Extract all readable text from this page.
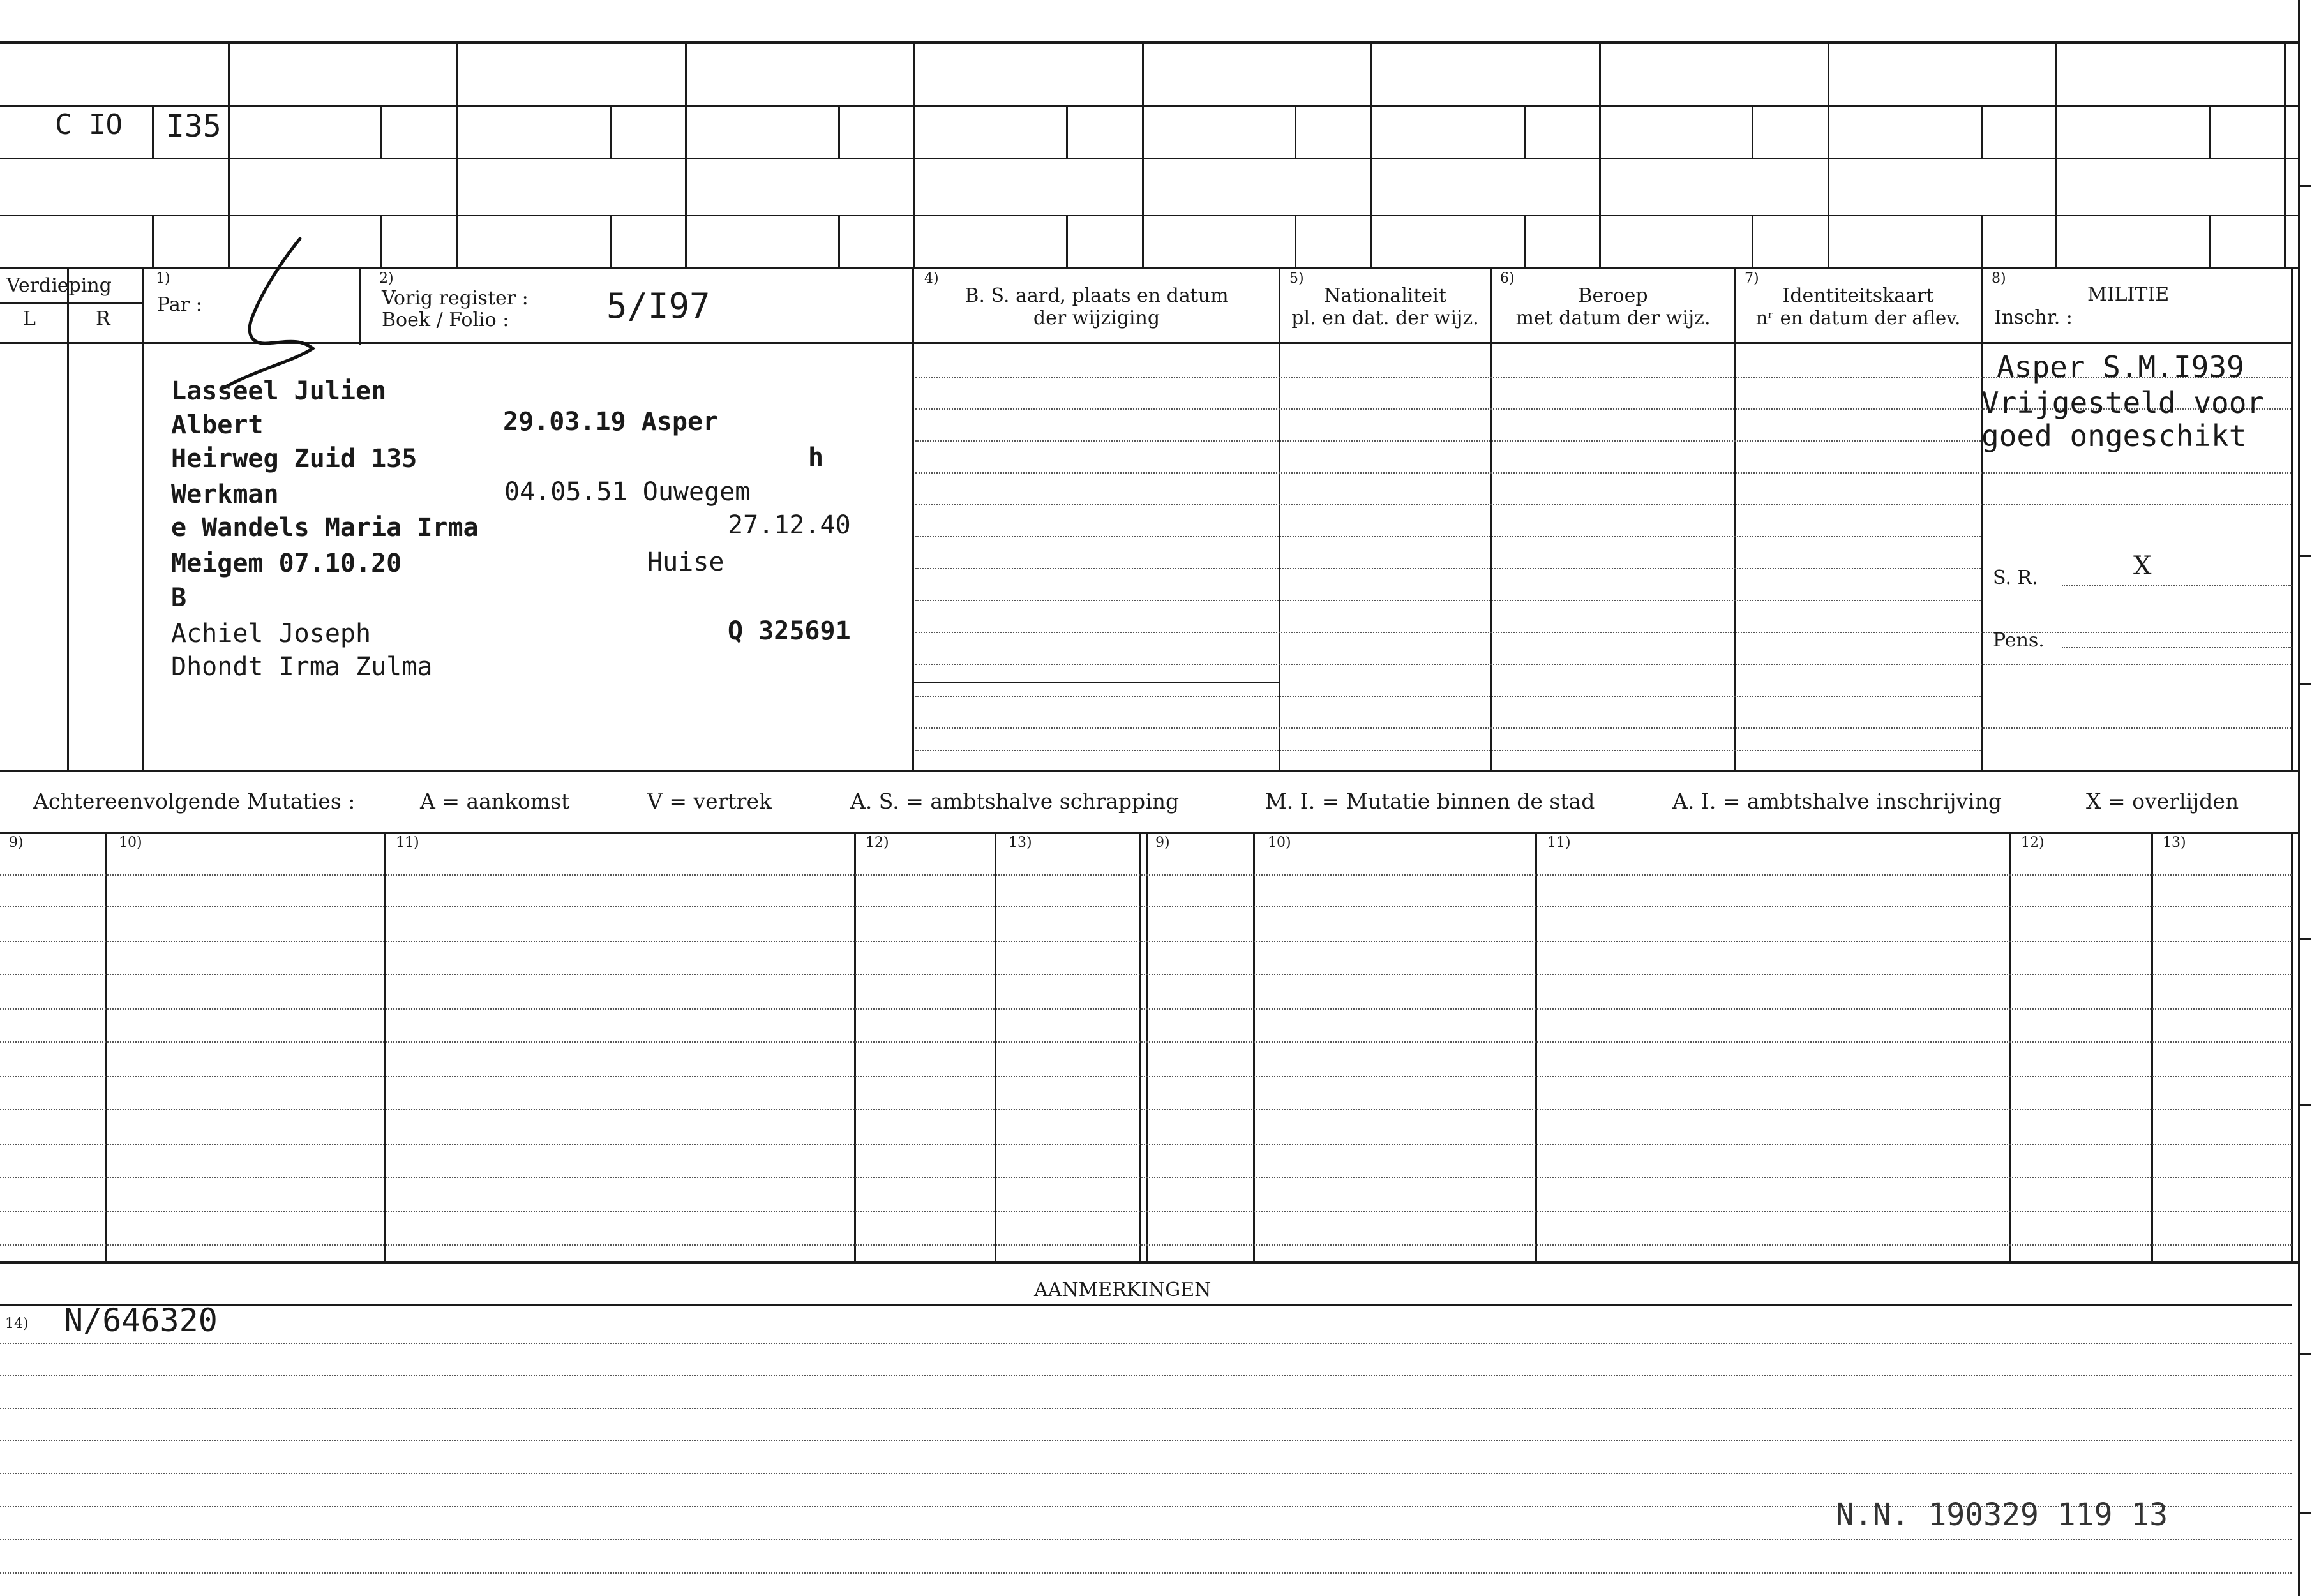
C IO I35
Verdieping
L	R
1)
Par :
2)
Vorig register :
Boek / Folio :	5/I97
4)
B. S. aard, plaats en datum
der wijziging
5)
Nationaliteit
pl. en dat. der wijz.
6)
Beroep
met datum der wijz.
7)
Identiteitskaart
nʳ en datum der aflev.
8)
MILITIE
Inschr. :
Lasseel Julien
Albert	29.03.19 Asper
Heirweg Zuid 135	h
Werkman	04.05.51 Ouwegem
e Wandels Maria Irma	27.12.40
Meigem 07.10.20	Huise
B
Achiel Joseph	Q 325691
Dhondt Irma Zulma
Asper S.M.I939
Vrijgesteld voor
goed ongeschikt
S. R.	X
Pens.
Achtereenvolgende Mutaties :	A = aankomst	V = vertrek	A. S. = ambtshalve schrapping	M. I. = Mutatie binnen de stad	A. I. = ambtshalve inschrijving	X = overlijden
9)	10)	11)	12)	13)	9)	10)	11)	12)	13)
AANMERKINGEN
14) N/646320
N.N. 190329 119 13
